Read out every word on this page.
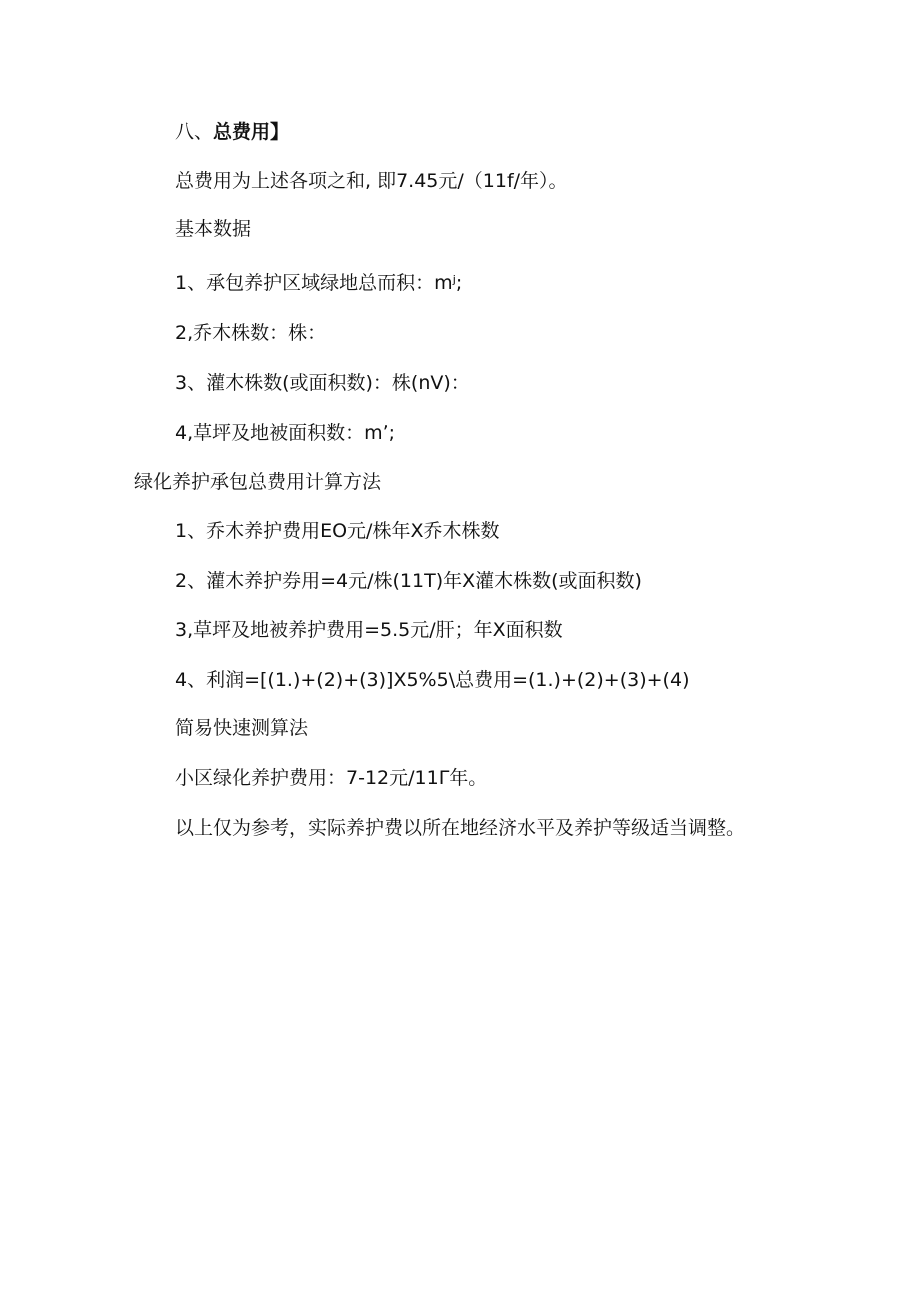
八、总费用】
总费用为上述各项之和, 即7.45元/（11f/年）。
基本数据
1、承包养护区域绿地总而积：mʲ;
2,乔木株数：株：
3、灌木株数(或面积数)：株(nV)：
4,草坪及地被面积数：mʼ;
绿化养护承包总费用计算方法
1、乔木养护费用EO元/株年X乔木株数
2、灌木养护券用=4元/株(11T)年X灌木株数(或面积数)
3,草坪及地被养护费用=5.5元/肝；年X面积数
4、利润=[(1.)+(2)+(3)]X5%5\总费用=(1.)+(2)+(3)+(4)
简易快速测算法
小区绿化养护费用：7-12元/11Γ年。
以上仅为参考，实际养护费以所在地经济水平及养护等级适当调整。
